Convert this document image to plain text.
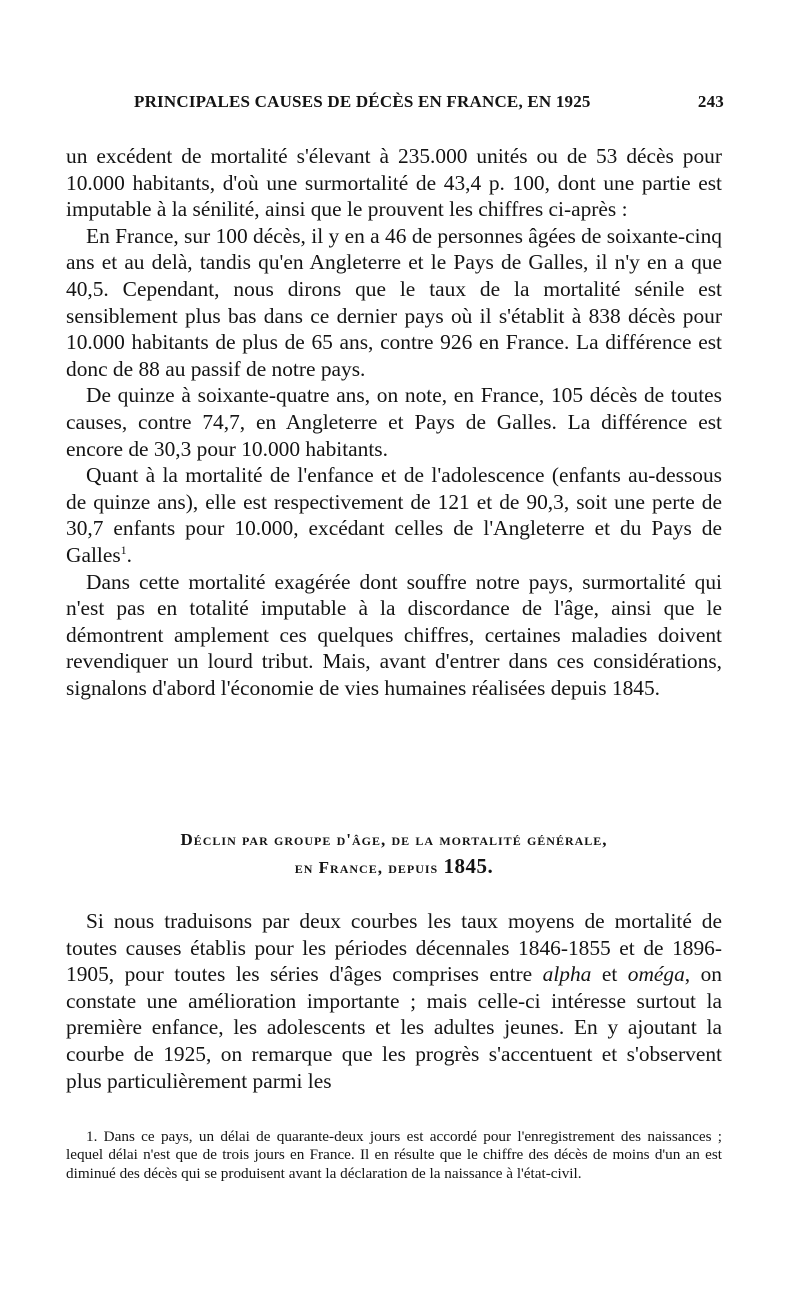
PRINCIPALES CAUSES DE DÉCÈS EN FRANCE, EN 1925	243

un excédent de mortalité s'élevant à 235.000 unités ou de 53 décès pour 10.000 habitants, d'où une surmortalité de 43,4 p. 100, dont une partie est imputable à la sénilité, ainsi que le prouvent les chiffres ci-après :

En France, sur 100 décès, il y en a 46 de personnes âgées de soixante-cinq ans et au delà, tandis qu'en Angleterre et le Pays de Galles, il n'y en a que 40,5. Cependant, nous dirons que le taux de la mortalité sénile est sensiblement plus bas dans ce dernier pays où il s'établit à 838 décès pour 10.000 habitants de plus de 65 ans, contre 926 en France. La différence est donc de 88 au passif de notre pays.

De quinze à soixante-quatre ans, on note, en France, 105 décès de toutes causes, contre 74,7, en Angleterre et Pays de Galles. La différence est encore de 30,3 pour 10.000 habitants.

Quant à la mortalité de l'enfance et de l'adolescence (enfants au-dessous de quinze ans), elle est respectivement de 121 et de 90,3, soit une perte de 30,7 enfants pour 10.000, excédant celles de l'Angleterre et du Pays de Galles$^1$.

Dans cette mortalité exagérée dont souffre notre pays, surmortalité qui n'est pas en totalité imputable à la discordance de l'âge, ainsi que le démontrent amplement ces quelques chiffres, certaines maladies doivent revendiquer un lourd tribut. Mais, avant d'entrer dans ces considérations, signalons d'abord l'économie de vies humaines réalisées depuis 1845.

Déclin par groupe d'âge, de la mortalité générale,
en France, depuis 1845.

Si nous traduisons par deux courbes les taux moyens de mortalité de toutes causes établis pour les périodes décennales 1846-1855 et de 1896-1905, pour toutes les séries d'âges comprises entre alpha et oméga, on constate une amélioration importante ; mais celle-ci intéresse surtout la première enfance, les adolescents et les adultes jeunes. En y ajoutant la courbe de 1925, on remarque que les progrès s'accentuent et s'observent plus particulièrement parmi les

1. Dans ce pays, un délai de quarante-deux jours est accordé pour l'enregistrement des naissances ; lequel délai n'est que de trois jours en France. Il en résulte que le chiffre des décès de moins d'un an est diminué des décès qui se produisent avant la déclaration de la naissance à l'état-civil.
